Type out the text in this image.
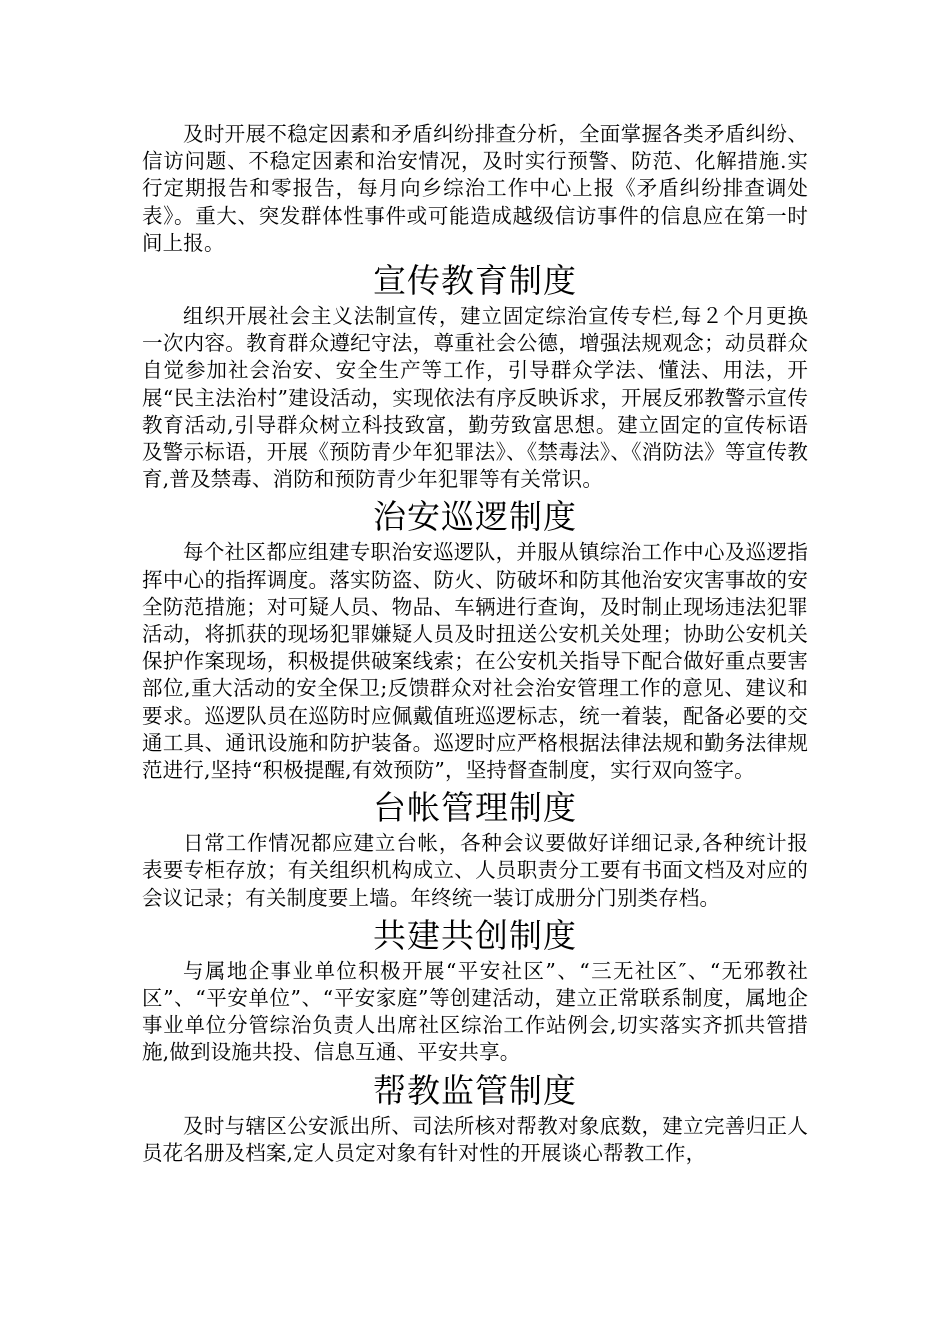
及时开展不稳定因素和矛盾纠纷排查分析，全面掌握各类矛盾纠纷、信访问题、不稳定因素和治安情况，及时实行预警、防范、化解措施.实行定期报告和零报告，每月向乡综治工作中心上报《矛盾纠纷排查调处表》。重大、突发群体性事件或可能造成越级信访事件的信息应在第一时间上报。

宣传教育制度

组织开展社会主义法制宣传，建立固定综治宣传专栏,每２个月更换一次内容。教育群众遵纪守法，尊重社会公德，增强法规观念；动员群众自觉参加社会治安、安全生产等工作，引导群众学法、懂法、用法，开展“民主法治村”建设活动，实现依法有序反映诉求，开展反邪教警示宣传教育活动,引导群众树立科技致富，勤劳致富思想。建立固定的宣传标语及警示标语，开展《预防青少年犯罪法》、《禁毒法》、《消防法》等宣传教育,普及禁毒、消防和预防青少年犯罪等有关常识。

治安巡逻制度

每个社区都应组建专职治安巡逻队，并服从镇综治工作中心及巡逻指挥中心的指挥调度。落实防盗、防火、防破坏和防其他治安灾害事故的安全防范措施；对可疑人员、物品、车辆进行查询，及时制止现场违法犯罪活动，将抓获的现场犯罪嫌疑人员及时扭送公安机关处理；协助公安机关保护作案现场，积极提供破案线索；在公安机关指导下配合做好重点要害部位,重大活动的安全保卫;反馈群众对社会治安管理工作的意见、建议和要求。巡逻队员在巡防时应佩戴值班巡逻标志，统一着装，配备必要的交通工具、通讯设施和防护装备。巡逻时应严格根据法律法规和勤务法律规范进行,坚持“积极提醒,有效预防”，坚持督查制度，实行双向签字。

台帐管理制度

日常工作情况都应建立台帐，各种会议要做好详细记录,各种统计报表要专柜存放；有关组织机构成立、人员职责分工要有书面文档及对应的会议记录；有关制度要上墙。年终统一装订成册分门别类存档。

共建共创制度

与属地企事业单位积极开展“平安社区”、“三无社区″、“无邪教社区”、“平安单位”、“平安家庭”等创建活动，建立正常联系制度，属地企事业单位分管综治负责人出席社区综治工作站例会,切实落实齐抓共管措施,做到设施共投、信息互通、平安共享。

帮教监管制度

及时与辖区公安派出所、司法所核对帮教对象底数，建立完善归正人员花名册及档案,定人员定对象有针对性的开展谈心帮教工作，
